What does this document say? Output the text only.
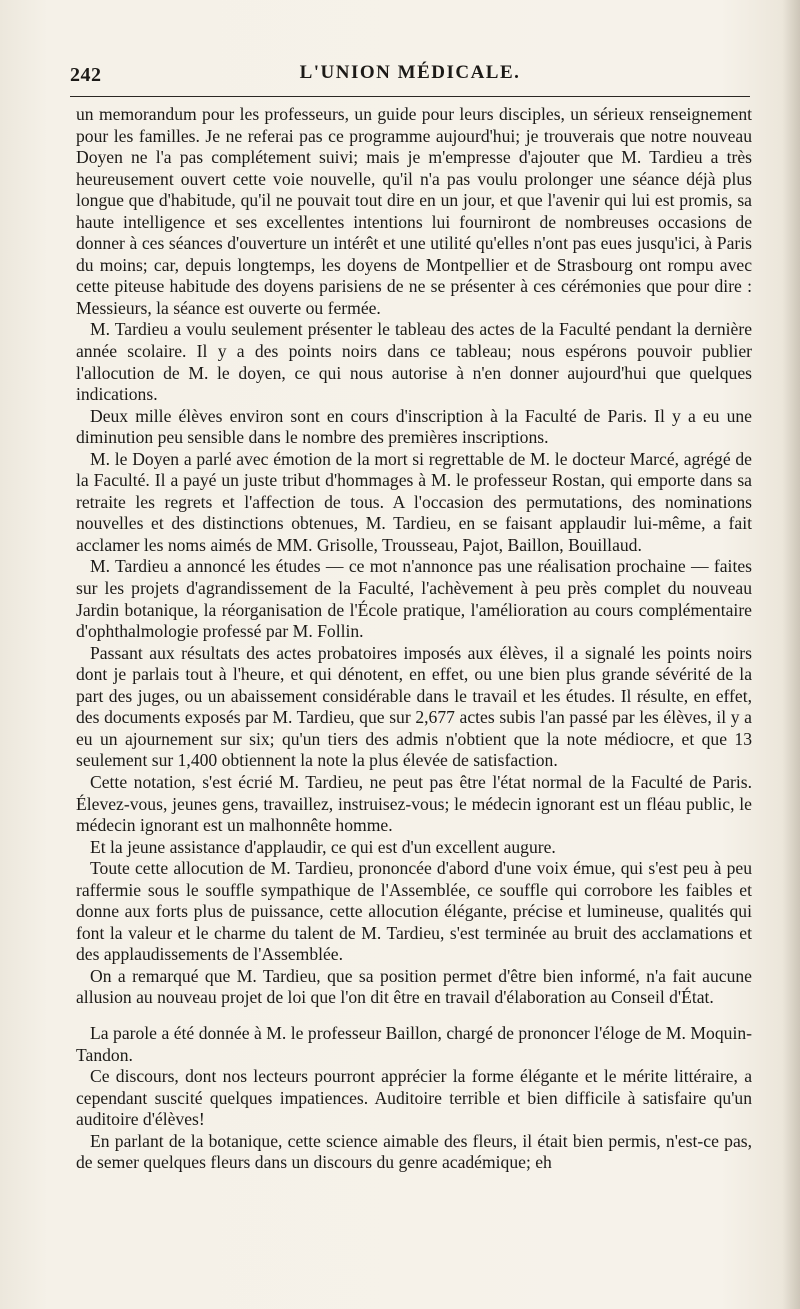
242	L'UNION MÉDICALE.

un memorandum pour les professeurs, un guide pour leurs disciples, un sérieux renseignement pour les familles. Je ne referai pas ce programme aujourd'hui; je trouverais que notre nouveau Doyen ne l'a pas complétement suivi; mais je m'empresse d'ajouter que M. Tardieu a très heureusement ouvert cette voie nouvelle, qu'il n'a pas voulu prolonger une séance déjà plus longue que d'habitude, qu'il ne pouvait tout dire en un jour, et que l'avenir qui lui est promis, sa haute intelligence et ses excellentes intentions lui fourniront de nombreuses occasions de donner à ces séances d'ouverture un intérêt et une utilité qu'elles n'ont pas eues jusqu'ici, à Paris du moins; car, depuis longtemps, les doyens de Montpellier et de Strasbourg ont rompu avec cette piteuse habitude des doyens parisiens de ne se présenter à ces cérémonies que pour dire : Messieurs, la séance est ouverte ou fermée.

M. Tardieu a voulu seulement présenter le tableau des actes de la Faculté pendant la dernière année scolaire. Il y a des points noirs dans ce tableau; nous espérons pouvoir publier l'allocution de M. le doyen, ce qui nous autorise à n'en donner aujourd'hui que quelques indications.

Deux mille élèves environ sont en cours d'inscription à la Faculté de Paris. Il y a eu une diminution peu sensible dans le nombre des premières inscriptions.

M. le Doyen a parlé avec émotion de la mort si regrettable de M. le docteur Marcé, agrégé de la Faculté. Il a payé un juste tribut d'hommages à M. le professeur Rostan, qui emporte dans sa retraite les regrets et l'affection de tous. A l'occasion des permutations, des nominations nouvelles et des distinctions obtenues, M. Tardieu, en se faisant applaudir lui-même, a fait acclamer les noms aimés de MM. Grisolle, Trousseau, Pajot, Baillon, Bouillaud.

M. Tardieu a annoncé les études — ce mot n'annonce pas une réalisation prochaine — faites sur les projets d'agrandissement de la Faculté, l'achèvement à peu près complet du nouveau Jardin botanique, la réorganisation de l'École pratique, l'amélioration au cours complémentaire d'ophthalmologie professé par M. Follin.

Passant aux résultats des actes probatoires imposés aux élèves, il a signalé les points noirs dont je parlais tout à l'heure, et qui dénotent, en effet, ou une bien plus grande sévérité de la part des juges, ou un abaissement considérable dans le travail et les études. Il résulte, en effet, des documents exposés par M. Tardieu, que sur 2,677 actes subis l'an passé par les élèves, il y a eu un ajournement sur six; qu'un tiers des admis n'obtient que la note médiocre, et que 13 seulement sur 1,400 obtiennent la note la plus élevée de satisfaction.

Cette notation, s'est écrié M. Tardieu, ne peut pas être l'état normal de la Faculté de Paris. Élevez-vous, jeunes gens, travaillez, instruisez-vous; le médecin ignorant est un fléau public, le médecin ignorant est un malhonnête homme.

Et la jeune assistance d'applaudir, ce qui est d'un excellent augure.

Toute cette allocution de M. Tardieu, prononcée d'abord d'une voix émue, qui s'est peu à peu raffermie sous le souffle sympathique de l'Assemblée, ce souffle qui corrobore les faibles et donne aux forts plus de puissance, cette allocution élégante, précise et lumineuse, qualités qui font la valeur et le charme du talent de M. Tardieu, s'est terminée au bruit des acclamations et des applaudissements de l'Assemblée.

On a remarqué que M. Tardieu, que sa position permet d'être bien informé, n'a fait aucune allusion au nouveau projet de loi que l'on dit être en travail d'élaboration au Conseil d'État.

La parole a été donnée à M. le professeur Baillon, chargé de prononcer l'éloge de M. Moquin-Tandon.

Ce discours, dont nos lecteurs pourront apprécier la forme élégante et le mérite littéraire, a cependant suscité quelques impatiences. Auditoire terrible et bien difficile à satisfaire qu'un auditoire d'élèves!

En parlant de la botanique, cette science aimable des fleurs, il était bien permis, n'est-ce pas, de semer quelques fleurs dans un discours du genre académique; eh
